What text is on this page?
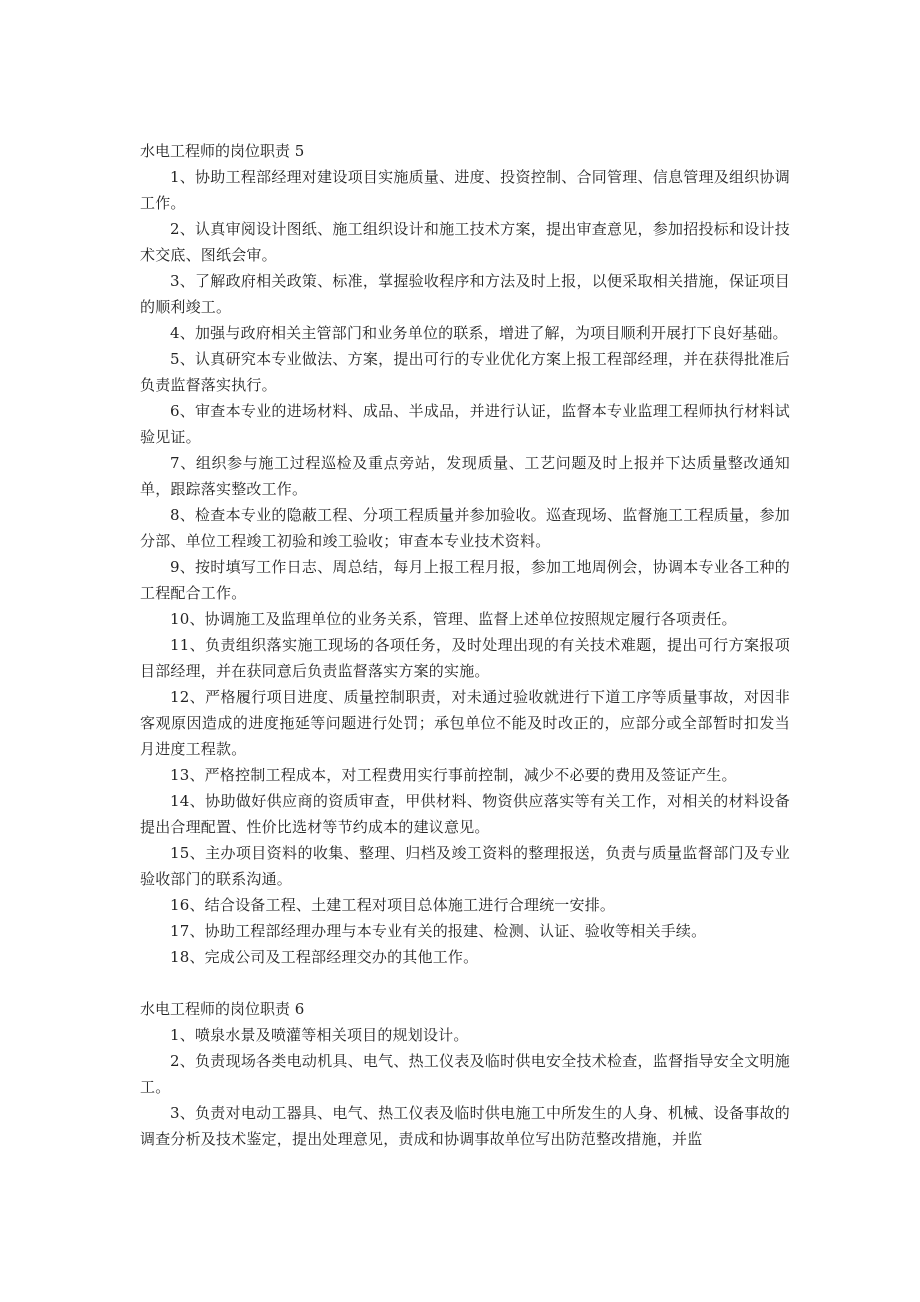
水电工程师的岗位职责 5

1、协助工程部经理对建设项目实施质量、进度、投资控制、合同管理、信息管理及组织协调工作。

2、认真审阅设计图纸、施工组织设计和施工技术方案，提出审查意见，参加招投标和设计技术交底、图纸会审。

3、了解政府相关政策、标准，掌握验收程序和方法及时上报，以便采取相关措施，保证项目的顺利竣工。

4、加强与政府相关主管部门和业务单位的联系，增进了解，为项目顺利开展打下良好基础。

5、认真研究本专业做法、方案，提出可行的专业优化方案上报工程部经理，并在获得批准后负责监督落实执行。

6、审查本专业的进场材料、成品、半成品，并进行认证，监督本专业监理工程师执行材料试验见证。

7、组织参与施工过程巡检及重点旁站，发现质量、工艺问题及时上报并下达质量整改通知单，跟踪落实整改工作。

8、检查本专业的隐蔽工程、分项工程质量并参加验收。巡查现场、监督施工工程质量，参加分部、单位工程竣工初验和竣工验收；审查本专业技术资料。

9、按时填写工作日志、周总结，每月上报工程月报，参加工地周例会，协调本专业各工种的工程配合工作。

10、协调施工及监理单位的业务关系，管理、监督上述单位按照规定履行各项责任。

11、负责组织落实施工现场的各项任务，及时处理出现的有关技术难题，提出可行方案报项目部经理，并在获同意后负责监督落实方案的实施。

12、严格履行项目进度、质量控制职责，对未通过验收就进行下道工序等质量事故，对因非客观原因造成的进度拖延等问题进行处罚；承包单位不能及时改正的，应部分或全部暂时扣发当月进度工程款。

13、严格控制工程成本，对工程费用实行事前控制，减少不必要的费用及签证产生。

14、协助做好供应商的资质审查，甲供材料、物资供应落实等有关工作，对相关的材料设备提出合理配置、性价比选材等节约成本的建议意见。

15、主办项目资料的收集、整理、归档及竣工资料的整理报送，负责与质量监督部门及专业验收部门的联系沟通。

16、结合设备工程、土建工程对项目总体施工进行合理统一安排。

17、协助工程部经理办理与本专业有关的报建、检测、认证、验收等相关手续。

18、完成公司及工程部经理交办的其他工作。

水电工程师的岗位职责 6

1、喷泉水景及喷灌等相关项目的规划设计。

2、负责现场各类电动机具、电气、热工仪表及临时供电安全技术检查，监督指导安全文明施工。

3、负责对电动工器具、电气、热工仪表及临时供电施工中所发生的人身、机械、设备事故的调查分析及技术鉴定，提出处理意见，责成和协调事故单位写出防范整改措施，并监
